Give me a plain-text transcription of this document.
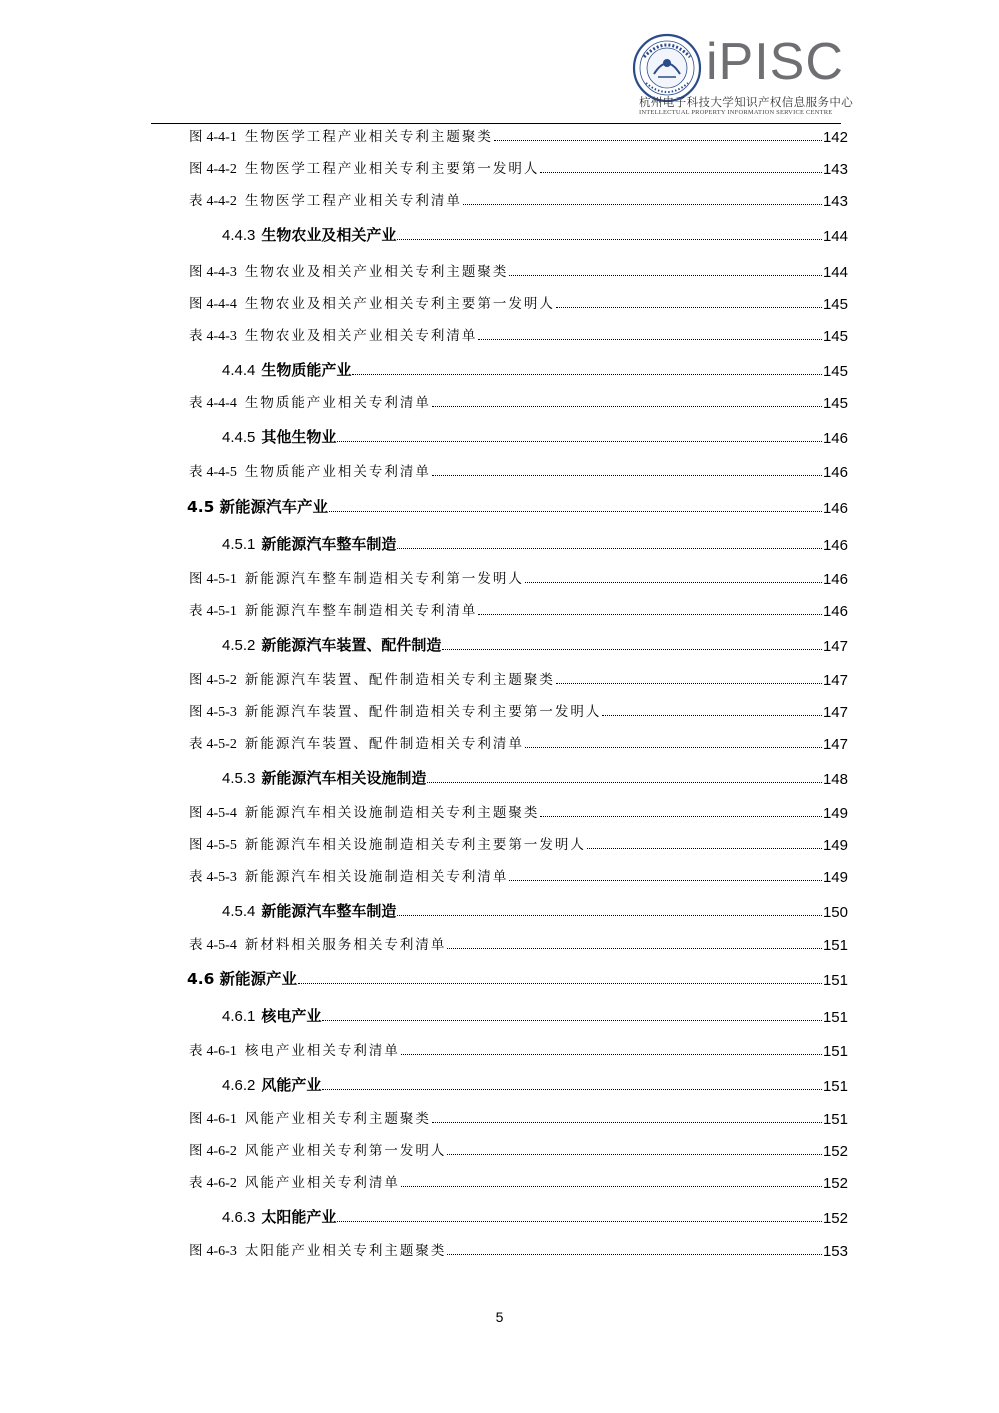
iPISC
杭州电子科技大学知识产权信息服务中心
INTELLECTUAL PROPERTY INFORMATION SERVICE CENTRE
图 4-4-1 生物医学工程产业相关专利主题聚类	142
图 4-4-2 生物医学工程产业相关专利主要第一发明人	143
表 4-4-2 生物医学工程产业相关专利清单	143
4.4.3 生物农业及相关产业	144
图 4-4-3 生物农业及相关产业相关专利主题聚类	144
图 4-4-4 生物农业及相关产业相关专利主要第一发明人	145
表 4-4-3 生物农业及相关产业相关专利清单	145
4.4.4 生物质能产业	145
表 4-4-4 生物质能产业相关专利清单	145
4.4.5 其他生物业	146
表 4-4-5 生物质能产业相关专利清单	146
4.5 新能源汽车产业	146
4.5.1 新能源汽车整车制造	146
图 4-5-1 新能源汽车整车制造相关专利第一发明人	146
表 4-5-1 新能源汽车整车制造相关专利清单	146
4.5.2 新能源汽车装置、配件制造	147
图 4-5-2 新能源汽车装置、配件制造相关专利主题聚类	147
图 4-5-3 新能源汽车装置、配件制造相关专利主要第一发明人	147
表 4-5-2 新能源汽车装置、配件制造相关专利清单	147
4.5.3 新能源汽车相关设施制造	148
图 4-5-4 新能源汽车相关设施制造相关专利主题聚类	149
图 4-5-5 新能源汽车相关设施制造相关专利主要第一发明人	149
表 4-5-3 新能源汽车相关设施制造相关专利清单	149
4.5.4 新能源汽车整车制造	150
表 4-5-4 新材料相关服务相关专利清单	151
4.6 新能源产业	151
4.6.1 核电产业	151
表 4-6-1 核电产业相关专利清单	151
4.6.2 风能产业	151
图 4-6-1 风能产业相关专利主题聚类	151
图 4-6-2 风能产业相关专利第一发明人	152
表 4-6-2 风能产业相关专利清单	152
4.6.3 太阳能产业	152
图 4-6-3 太阳能产业相关专利主题聚类	153
5
